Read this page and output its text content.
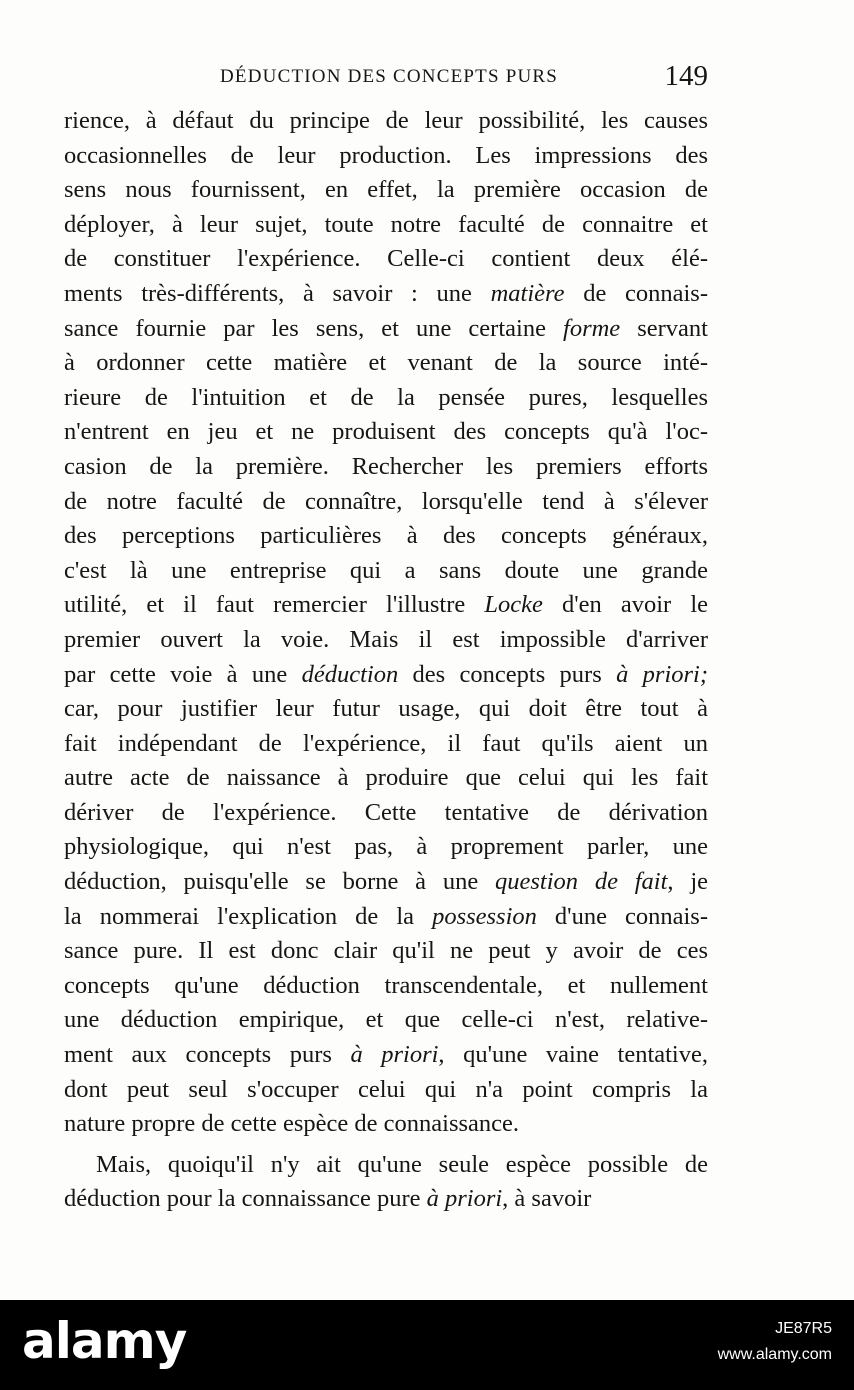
DÉDUCTION DES CONCEPTS PURS	149
rience, à défaut du principe de leur possibilité, les causes
occasionnelles de leur production. Les impressions des
sens nous fournissent, en effet, la première occasion de
déployer, à leur sujet, toute notre faculté de connaitre et
de constituer l'expérience. Celle-ci contient deux élé-
ments très-différents, à savoir : une matière de connais-
sance fournie par les sens, et une certaine forme servant
à ordonner cette matière et venant de la source inté-
rieure de l'intuition et de la pensée pures, lesquelles
n'entrent en jeu et ne produisent des concepts qu'à l'oc-
casion de la première. Rechercher les premiers efforts
de notre faculté de connaître, lorsqu'elle tend à s'élever
des perceptions particulières à des concepts généraux,
c'est là une entreprise qui a sans doute une grande
utilité, et il faut remercier l'illustre Locke d'en avoir le
premier ouvert la voie. Mais il est impossible d'arriver
par cette voie à une déduction des concepts purs à priori;
car, pour justifier leur futur usage, qui doit être tout à
fait indépendant de l'expérience, il faut qu'ils aient un
autre acte de naissance à produire que celui qui les fait
dériver de l'expérience. Cette tentative de dérivation
physiologique, qui n'est pas, à proprement parler, une
déduction, puisqu'elle se borne à une question de fait, je
la nommerai l'explication de la possession d'une connais-
sance pure. Il est donc clair qu'il ne peut y avoir de ces
concepts qu'une déduction transcendentale, et nullement
une déduction empirique, et que celle-ci n'est, relative-
ment aux concepts purs à priori, qu'une vaine tentative,
dont peut seul s'occuper celui qui n'a point compris la
nature propre de cette espèce de connaissance.
Mais, quoiqu'il n'y ait qu'une seule espèce possible de
déduction pour la connaissance pure à priori, à savoir
alamy	JE87R5
www.alamy.com
